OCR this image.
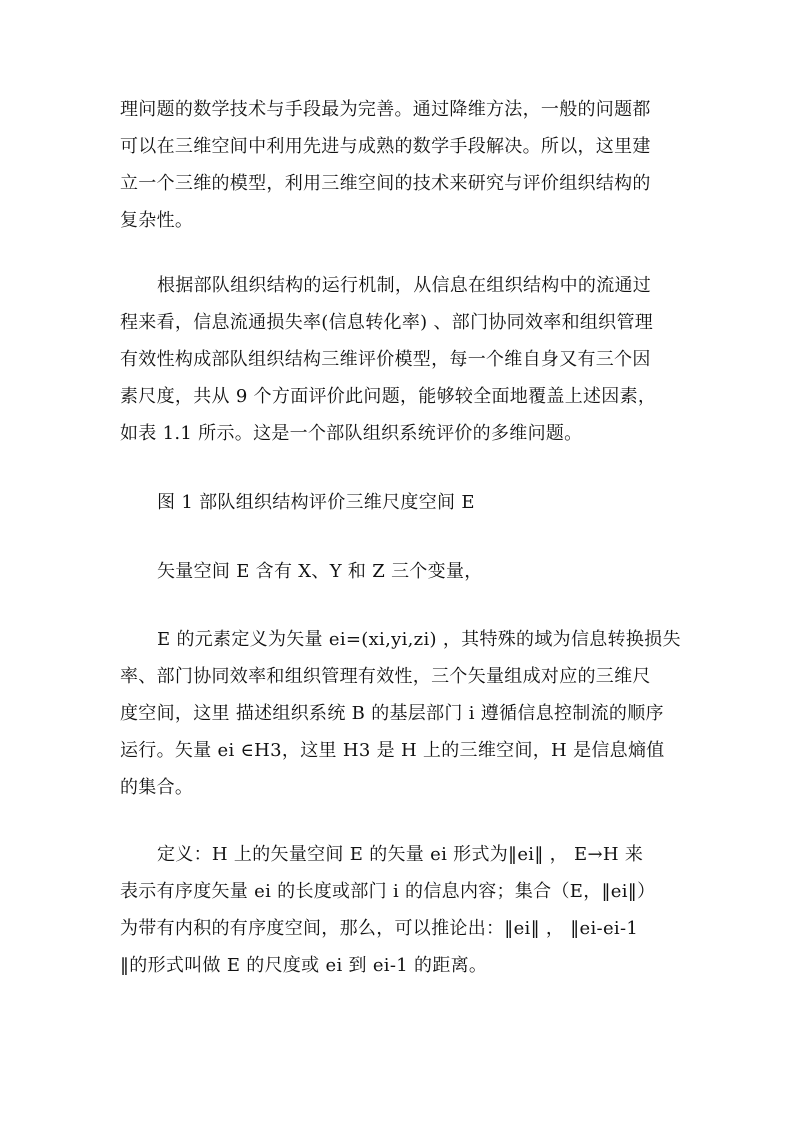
理问题的数学技术与手段最为完善。通过降维方法，一般的问题都
可以在三维空间中利用先进与成熟的数学手段解决。所以，这里建
立一个三维的模型，利用三维空间的技术来研究与评价组织结构的
复杂性。

根据部队组织结构的运行机制，从信息在组织结构中的流通过
程来看，信息流通损失率(信息转化率) 、部门协同效率和组织管理
有效性构成部队组织结构三维评价模型，每一个维自身又有三个因
素尺度，共从 9 个方面评价此问题，能够较全面地覆盖上述因素，
如表 1.1 所示。这是一个部队组织系统评价的多维问题。

图 1 部队组织结构评价三维尺度空间 E

矢量空间 E 含有 X、Y 和 Z 三个变量，

E 的元素定义为矢量 ei=(xi,yi,zi) ，其特殊的域为信息转换损失
率、部门协同效率和组织管理有效性，三个矢量组成对应的三维尺
度空间，这里 描述组织系统 B 的基层部门 i 遵循信息控制流的顺序
运行。矢量 ei ∈H3，这里 H3 是 H 上的三维空间，H 是信息熵值
的集合。

定义：H 上的矢量空间 E 的矢量 ei 形式为‖ei‖ ， E→H 来
表示有序度矢量 ei 的长度或部门 i 的信息内容；集合（E，‖ei‖）
为带有内积的有序度空间，那么，可以推论出：‖ei‖ ， ‖ei-ei-1
‖的形式叫做 E 的尺度或 ei 到 ei-1 的距离。
